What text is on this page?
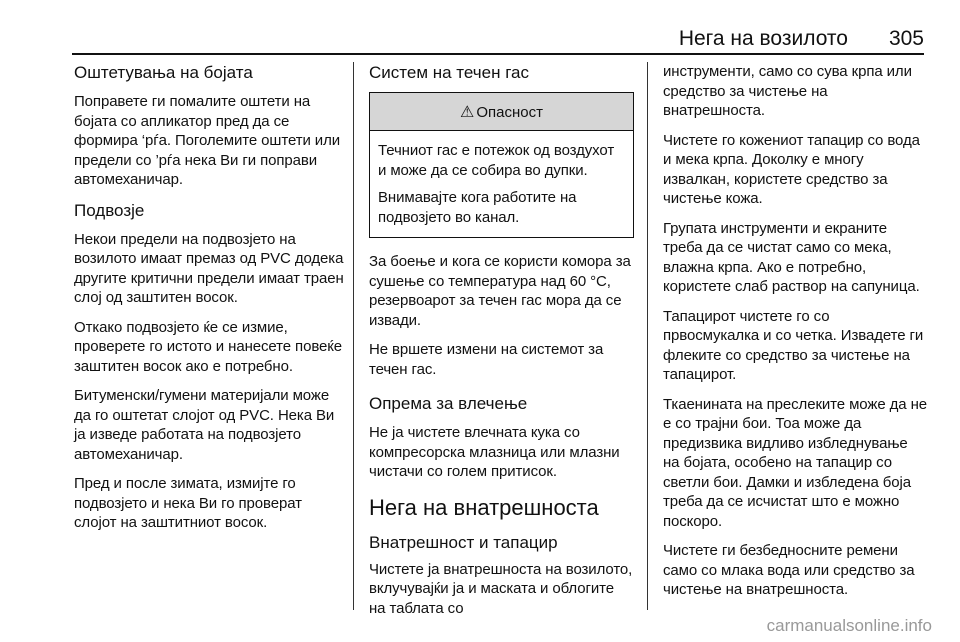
Нега на возилото 305
Оштетувања на бојата

Поправете ги помалите оштети на бојата со апликатор пред да се формира ‘рѓа. Поголемите оштети или предели со ’рѓа нека Ви ги поправи автомеханичар.

Подвозје

Некои предели на подвозјето на возилото имаат премаз од PVC додека другите критични предели имаат траен слој од заштитен восок.

Откако подвозјето ќе се измие, проверете го истото и нанесете повеќе заштитен восок ако е потребно.

Битуменски/гумени материјали може да го оштетат слојот од PVC. Нека Ви ја изведе работата на подвозјето автомеханичар.

Пред и после зимата, измијте го подвозјето и нека Ви го проверат слојот на заштитниот восок.

Систем на течен гас
⚠ Опасност

Течниот гас е потежок од воздухот и може да се собира во дупки.

Внимавајте кога работите на подвозјето во канал.

За боење и кога се користи комора за сушење со температура над 60 °C, резервоарот за течен гас мора да се извади.

Не вршете измени на системот за течен гас.

Опрема за влечење

Не ја чистете влечната кука со компресорска млазница или млазни чистачи со голем притисок.

Нега на внатрешноста
Внатрешност и тапацир

Чистете ја внатрешноста на возилото, вклучувајќи ја и маската и облогите на таблата со

инструменти, само со сува крпа или средство за чистење на внатрешноста.

Чистете го кожениот тапацир со вода и мека крпа. Доколку е многу извалкан, користете средство за чистење кожа.

Групата инструменти и екраните треба да се чистат само со мека, влажна крпа. Ако е потребно, користете слаб раствор на сапуница.

Тапацирот чистете го со првосмукалка и со четка. Извадете ги флеките со средство за чистење на тапацирот.

Ткаенината на преслеките може да не е со трајни бои. Тоа може да предизвика видливо избледнување на бојата, особено на тапацир со светли бои. Дамки и избледена боја треба да се исчистат што е можно поскоро.

Чистете ги безбедносните ремени само со млака вода или средство за чистење на внатрешноста.

carmanualsonline.info
